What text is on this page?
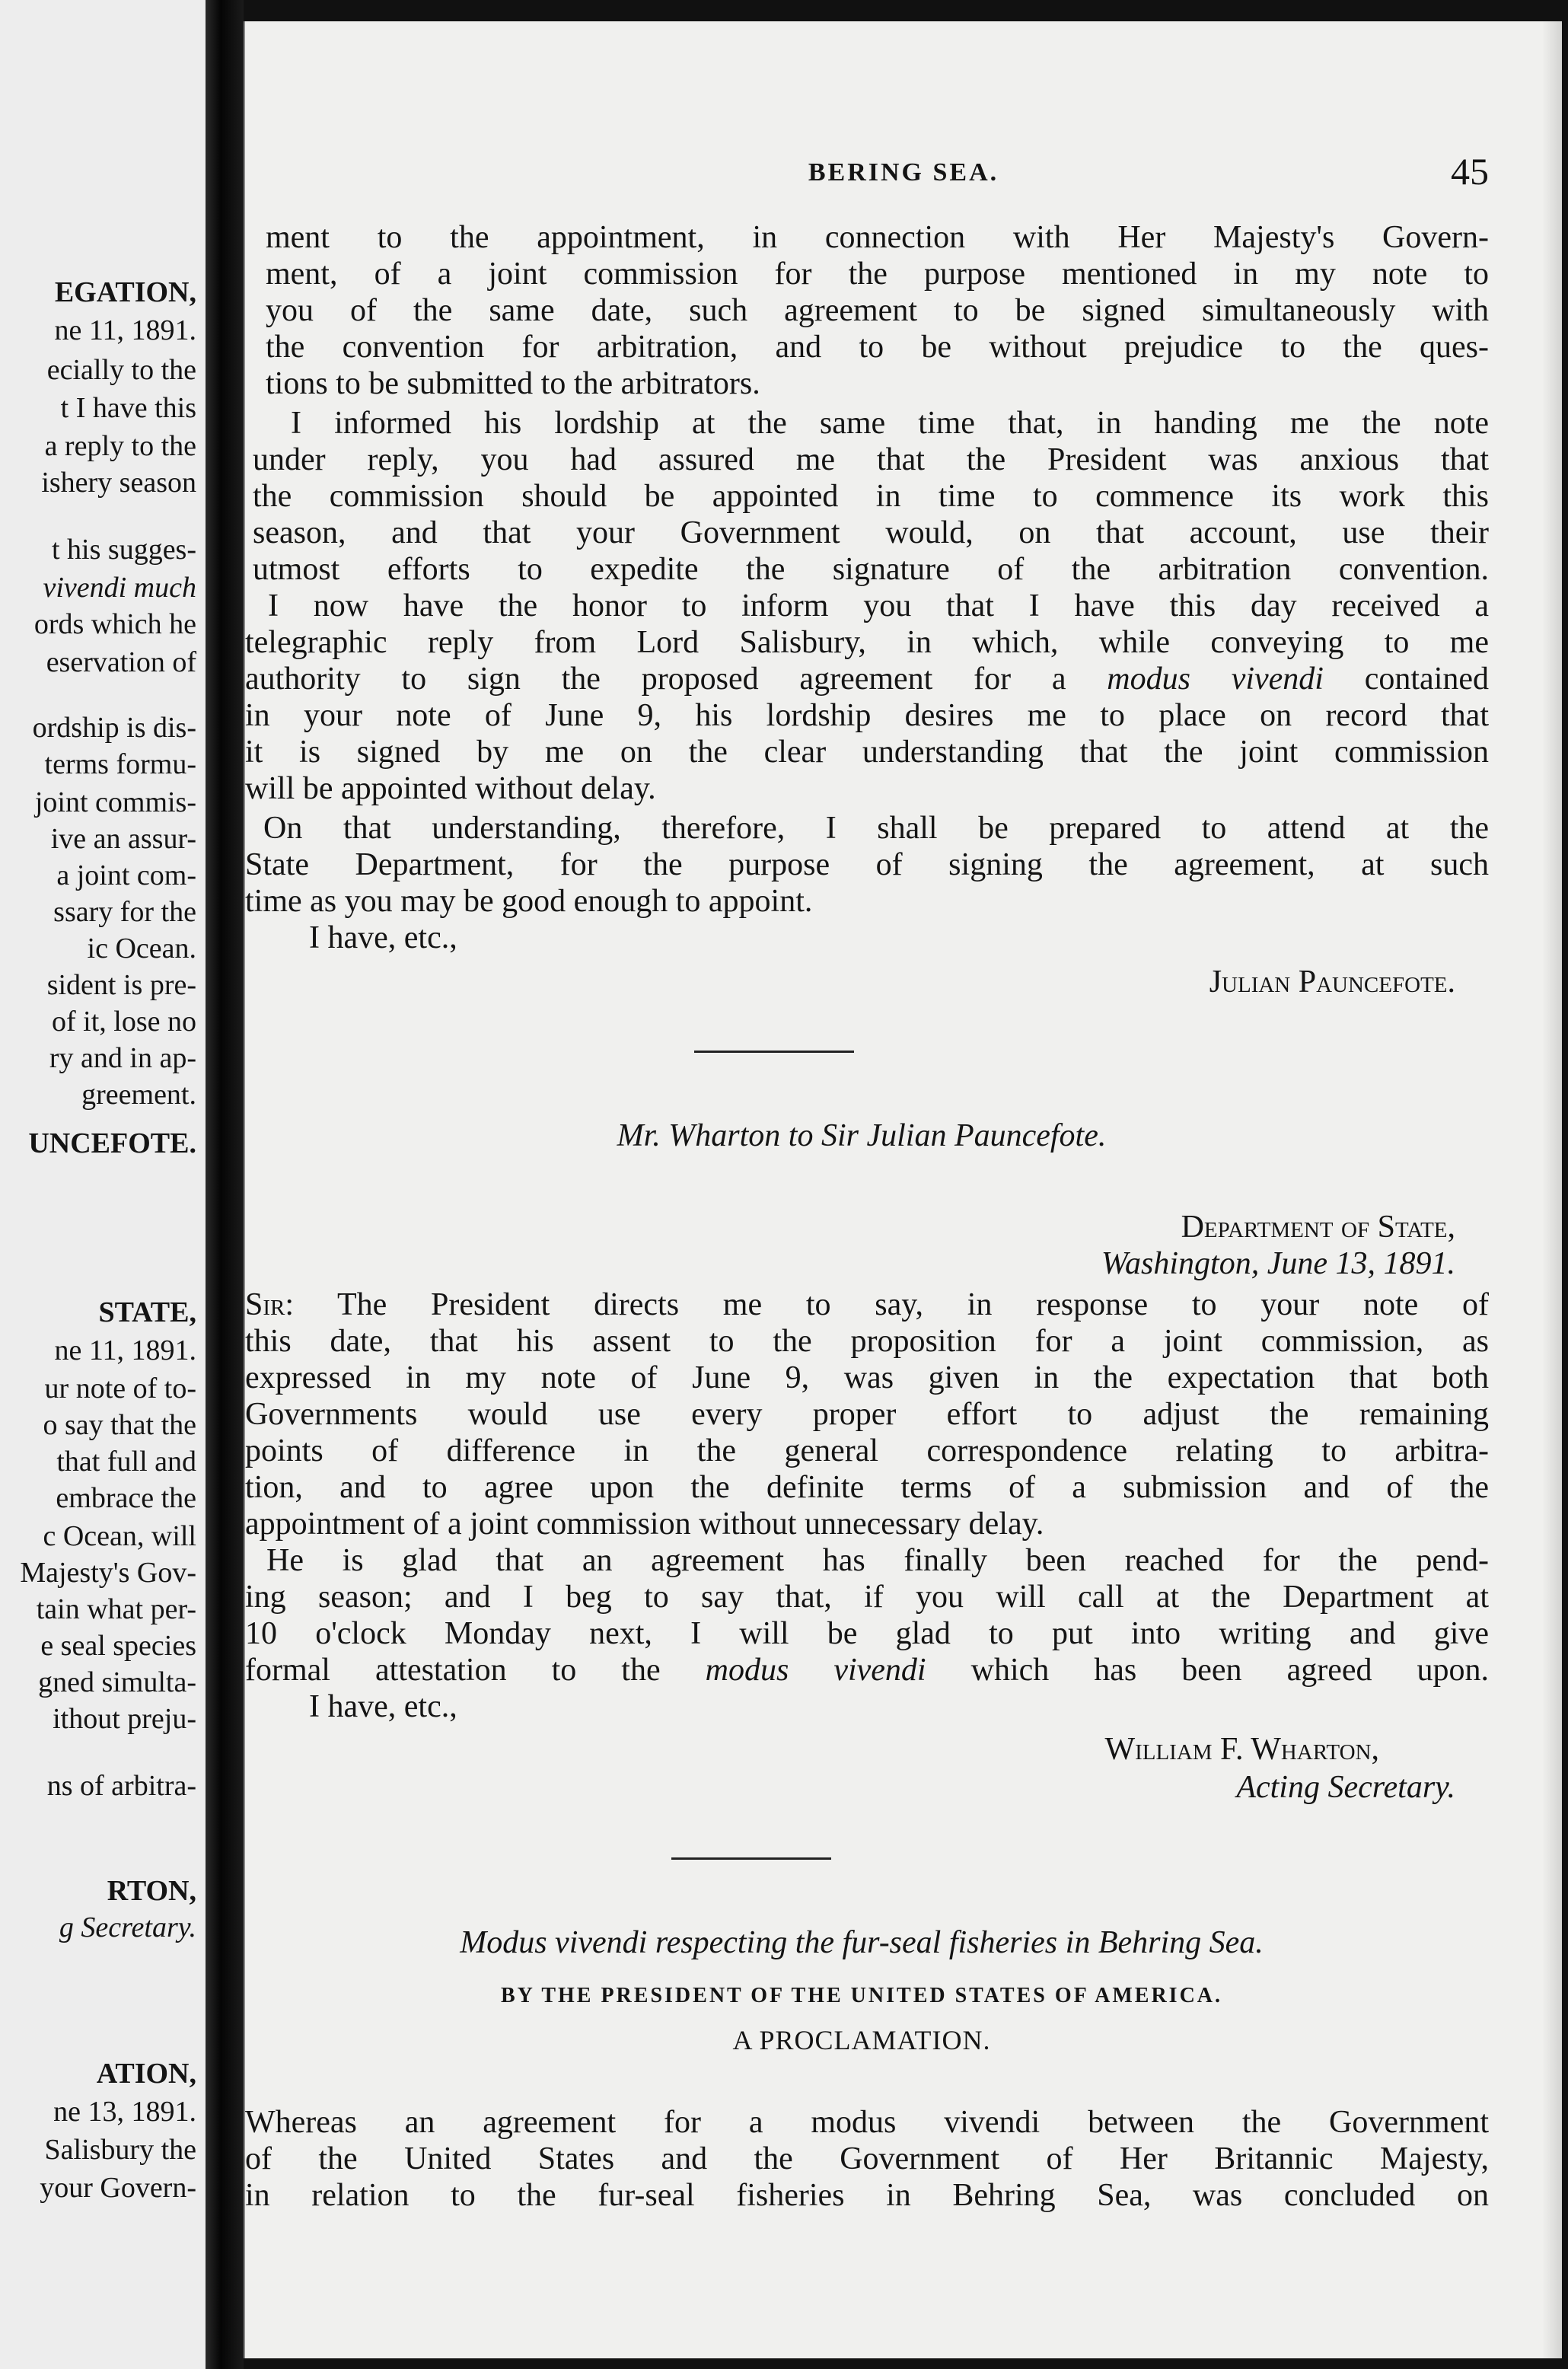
EGATION,
ne 11, 1891.
ecially to the
t I have this
a reply to the
ishery season
t his sugges-
vivendi much
ords which he
eservation of
ordship is dis-
terms formu-
joint commis-
ive an assur-
a joint com-
ssary for the
ic Ocean.
sident is pre-
of it, lose no
ry and in ap-
greement.
UNCEFOTE.
STATE,
ne 11, 1891.
ur note of to-
o say that the
that full and
embrace the
c Ocean, will
Majesty's Gov-
tain what per-
e seal species
gned simulta-
ithout preju-
ns of arbitra-
RTON,
g Secretary.
ATION,
ne 13, 1891.
Salisbury the
your Govern-
BERING SEA.	45
ment to the appointment, in connection with Her Majesty's Govern-
ment, of a joint commission for the purpose mentioned in my note to
you of the same date, such agreement to be signed simultaneously with
the convention for arbitration, and to be without prejudice to the ques-
tions to be submitted to the arbitrators.
I informed his lordship at the same time that, in handing me the note
under reply, you had assured me that the President was anxious that
the commission should be appointed in time to commence its work this
season, and that your Government would, on that account, use their
utmost efforts to expedite the signature of the arbitration convention.
I now have the honor to inform you that I have this day received a
telegraphic reply from Lord Salisbury, in which, while conveying to me
authority to sign the proposed agreement for a modus vivendi contained
in your note of June 9, his lordship desires me to place on record that
it is signed by me on the clear understanding that the joint commission
will be appointed without delay.
On that understanding, therefore, I shall be prepared to attend at the
State Department, for the purpose of signing the agreement, at such
time as you may be good enough to appoint.
I have, etc.,
Julian Pauncefote.
Mr. Wharton to Sir Julian Pauncefote.
Department of State,
Washington, June 13, 1891.
Sir: The President directs me to say, in response to your note of
this date, that his assent to the proposition for a joint commission, as
expressed in my note of June 9, was given in the expectation that both
Governments would use every proper effort to adjust the remaining
points of difference in the general correspondence relating to arbitra-
tion, and to agree upon the definite terms of a submission and of the
appointment of a joint commission without unnecessary delay.
He is glad that an agreement has finally been reached for the pend-
ing season; and I beg to say that, if you will call at the Department at
10 o'clock Monday next, I will be glad to put into writing and give
formal attestation to the modus vivendi which has been agreed upon.
I have, etc.,
William F. Wharton,
Acting Secretary.
Modus vivendi respecting the fur-seal fisheries in Behring Sea.
BY THE PRESIDENT OF THE UNITED STATES OF AMERICA.
A PROCLAMATION.
Whereas an agreement for a modus vivendi between the Government
of the United States and the Government of Her Britannic Majesty,
in relation to the fur-seal fisheries in Behring Sea, was concluded on
